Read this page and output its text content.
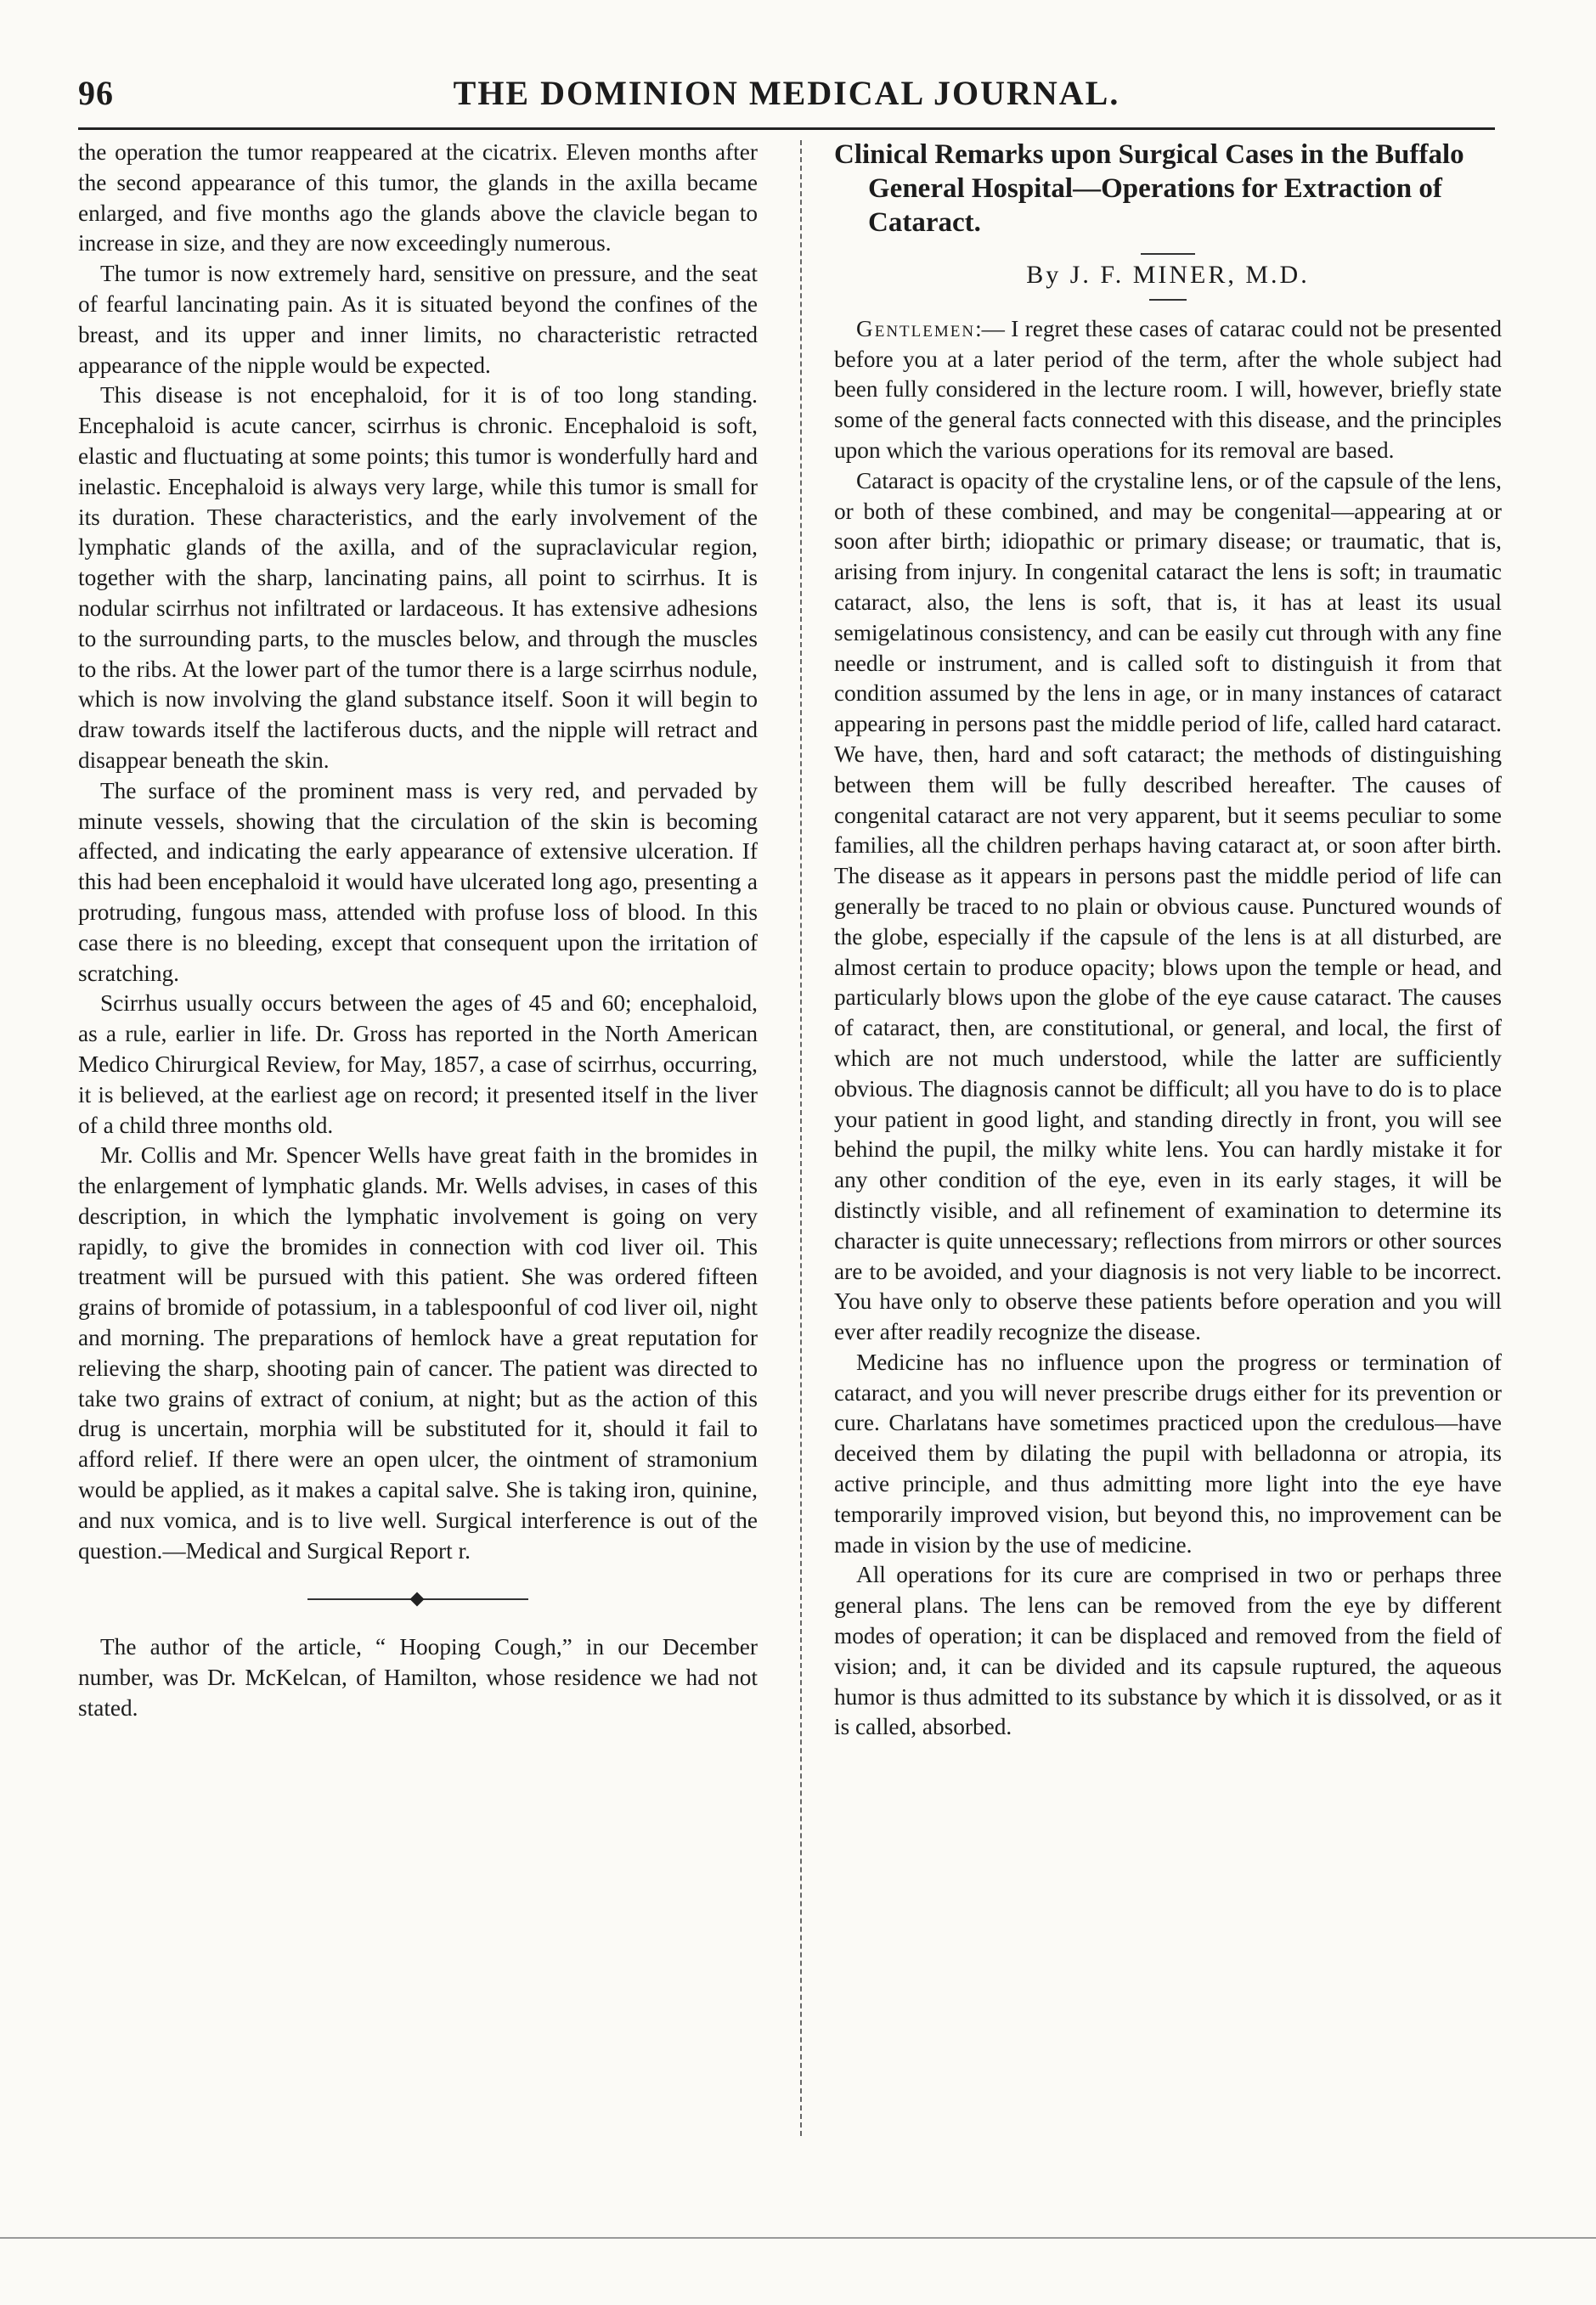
96	THE DOMINION MEDICAL JOURNAL.

the operation the tumor reappeared at the cicatrix. Eleven months after the second appearance of this tumor, the glands in the axilla became enlarged, and five months ago the glands above the clavicle began to increase in size, and they are now exceedingly numerous.

The tumor is now extremely hard, sensitive on pressure, and the seat of fearful lancinating pain. As it is situated beyond the confines of the breast, and its upper and inner limits, no characteristic retracted appearance of the nipple would be expected.

This disease is not encephaloid, for it is of too long standing. Encephaloid is acute cancer, scirrhus is chronic. Encephaloid is soft, elastic and fluctuating at some points; this tumor is wonderfully hard and inelastic. Encephaloid is always very large, while this tumor is small for its duration. These characteristics, and the early involvement of the lymphatic glands of the axilla, and of the supraclavicular region, together with the sharp, lancinating pains, all point to scirrhus. It is nodular scirrhus not infiltrated or lardaceous. It has extensive adhesions to the surrounding parts, to the muscles below, and through the muscles to the ribs. At the lower part of the tumor there is a large scirrhus nodule, which is now involving the gland substance itself. Soon it will begin to draw towards itself the lactiferous ducts, and the nipple will retract and disappear beneath the skin.

The surface of the prominent mass is very red, and pervaded by minute vessels, showing that the circulation of the skin is becoming affected, and indicating the early appearance of extensive ulceration. If this had been encephaloid it would have ulcerated long ago, presenting a protruding, fungous mass, attended with profuse loss of blood. In this case there is no bleeding, except that consequent upon the irritation of scratching.

Scirrhus usually occurs between the ages of 45 and 60; encephaloid, as a rule, earlier in life. Dr. Gross has reported in the North American Medico Chirurgical Review, for May, 1857, a case of scirrhus, occurring, it is believed, at the earliest age on record; it presented itself in the liver of a child three months old.

Mr. Collis and Mr. Spencer Wells have great faith in the bromides in the enlargement of lymphatic glands. Mr. Wells advises, in cases of this description, in which the lymphatic involvement is going on very rapidly, to give the bromides in connection with cod liver oil. This treatment will be pursued with this patient. She was ordered fifteen grains of bromide of potassium, in a tablespoonful of cod liver oil, night and morning. The preparations of hemlock have a great reputation for relieving the sharp, shooting pain of cancer. The patient was directed to take two grains of extract of conium, at night; but as the action of this drug is uncertain, morphia will be substituted for it, should it fail to afford relief. If there were an open ulcer, the ointment of stramonium would be applied, as it makes a capital salve. She is taking iron, quinine, and nux vomica, and is to live well. Surgical interference is out of the question.—Medical and Surgical Report r.

The author of the article, “ Hooping Cough,” in our December number, was Dr. McKelcan, of Hamilton, whose residence we had not stated.

Clinical Remarks upon Surgical Cases in the Buffalo General Hospital—Operations for Extraction of Cataract.
By J. F. MINER, M.D.

Gentlemen:— I regret these cases of catarac could not be presented before you at a later period of the term, after the whole subject had been fully considered in the lecture room. I will, however, briefly state some of the general facts connected with this disease, and the principles upon which the various operations for its removal are based.

Cataract is opacity of the crystaline lens, or of the capsule of the lens, or both of these combined, and may be congenital—appearing at or soon after birth; idiopathic or primary disease; or traumatic, that is, arising from injury. In congenital cataract the lens is soft; in traumatic cataract, also, the lens is soft, that is, it has at least its usual semigelatinous consistency, and can be easily cut through with any fine needle or instrument, and is called soft to distinguish it from that condition assumed by the lens in age, or in many instances of cataract appearing in persons past the middle period of life, called hard cataract. We have, then, hard and soft cataract; the methods of distinguishing between them will be fully described hereafter. The causes of congenital cataract are not very apparent, but it seems peculiar to some families, all the children perhaps having cataract at, or soon after birth. The disease as it appears in persons past the middle period of life can generally be traced to no plain or obvious cause. Punctured wounds of the globe, especially if the capsule of the lens is at all disturbed, are almost certain to produce opacity; blows upon the temple or head, and particularly blows upon the globe of the eye cause cataract. The causes of cataract, then, are constitutional, or general, and local, the first of which are not much understood, while the latter are sufficiently obvious. The diagnosis cannot be difficult; all you have to do is to place your patient in good light, and standing directly in front, you will see behind the pupil, the milky white lens. You can hardly mistake it for any other condition of the eye, even in its early stages, it will be distinctly visible, and all refinement of examination to determine its character is quite unnecessary; reflections from mirrors or other sources are to be avoided, and your diagnosis is not very liable to be incorrect. You have only to observe these patients before operation and you will ever after readily recognize the disease.

Medicine has no influence upon the progress or termination of cataract, and you will never prescribe drugs either for its prevention or cure. Charlatans have sometimes practiced upon the credulous—have deceived them by dilating the pupil with belladonna or atropia, its active principle, and thus admitting more light into the eye have temporarily improved vision, but beyond this, no improvement can be made in vision by the use of medicine.

All operations for its cure are comprised in two or perhaps three general plans. The lens can be removed from the eye by different modes of operation; it can be displaced and removed from the field of vision; and, it can be divided and its capsule ruptured, the aqueous humor is thus admitted to its substance by which it is dissolved, or as it is called, absorbed.
